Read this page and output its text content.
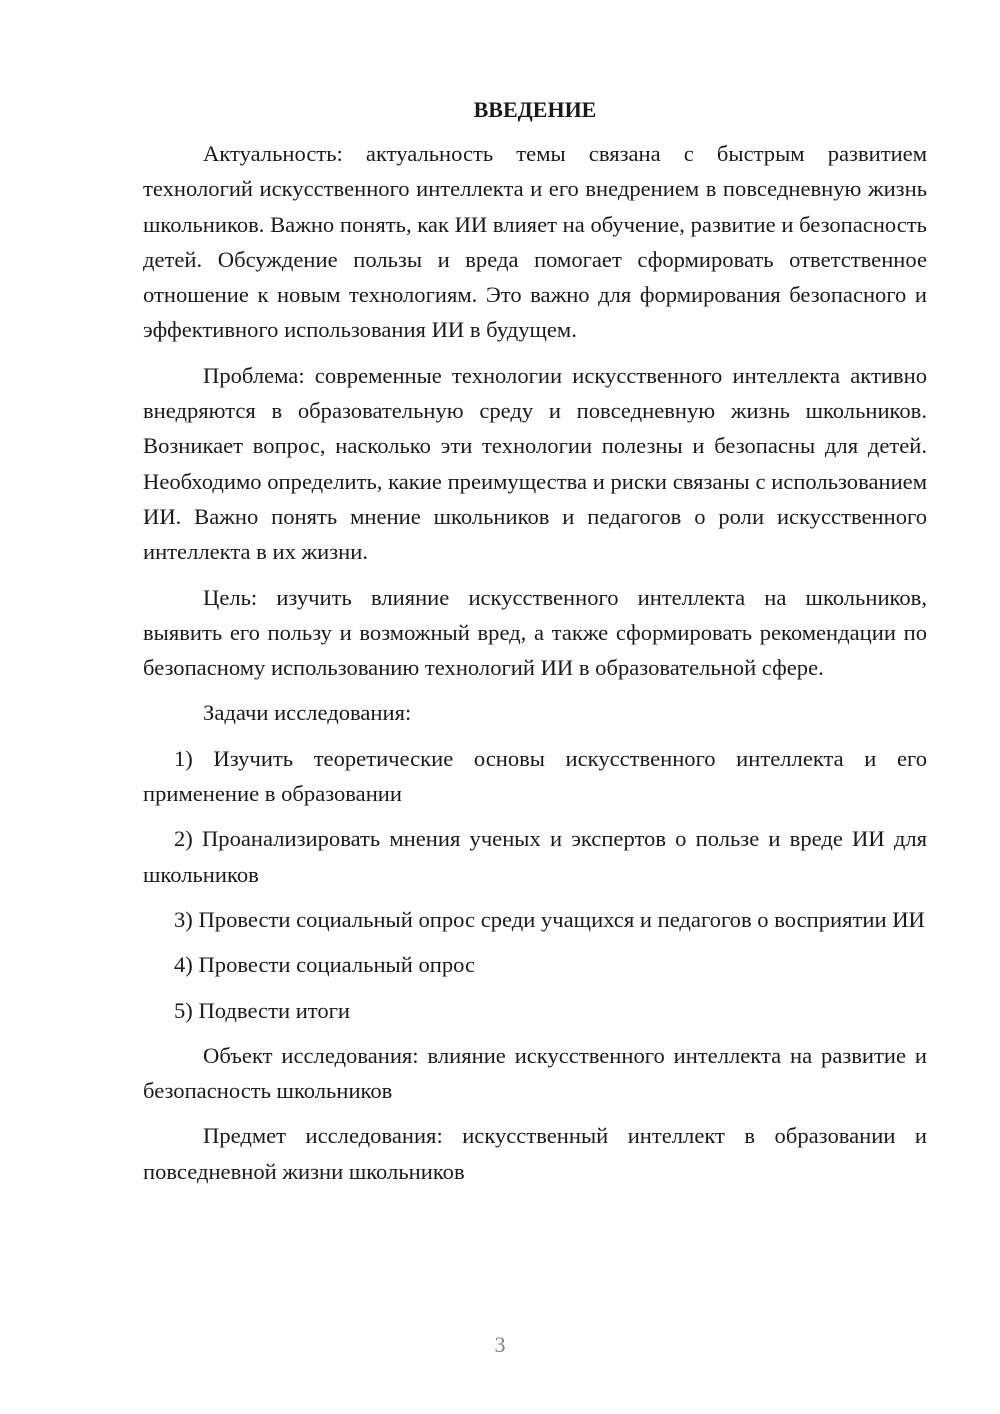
ВВЕДЕНИЕ

Актуальность: актуальность темы связана с быстрым развитием технологий искусственного интеллекта и его внедрением в повседневную жизнь школьников. Важно понять, как ИИ влияет на обучение, развитие и безопасность детей. Обсуждение пользы и вреда помогает сформировать ответственное отношение к новым технологиям. Это важно для формирования безопасного и эффективного использования ИИ в будущем.

Проблема: современные технологии искусственного интеллекта активно внедряются в образовательную среду и повседневную жизнь школьников. Возникает вопрос, насколько эти технологии полезны и безопасны для детей. Необходимо определить, какие преимущества и риски связаны с использованием ИИ. Важно понять мнение школьников и педагогов о роли искусственного интеллекта в их жизни.

Цель: изучить влияние искусственного интеллекта на школьников, выявить его пользу и возможный вред, а также сформировать рекомендации по безопасному использованию технологий ИИ в образовательной сфере.

Задачи исследования:

1) Изучить теоретические основы искусственного интеллекта и его применение в образовании

2) Проанализировать мнения ученых и экспертов о пользе и вреде ИИ для школьников

3) Провести социальный опрос среди учащихся и педагогов о восприятии ИИ

4) Провести социальный опрос

5) Подвести итоги

Объект исследования: влияние искусственного интеллекта на развитие и безопасность школьников

Предмет исследования: искусственный интеллект в образовании и повседневной жизни школьников

3
